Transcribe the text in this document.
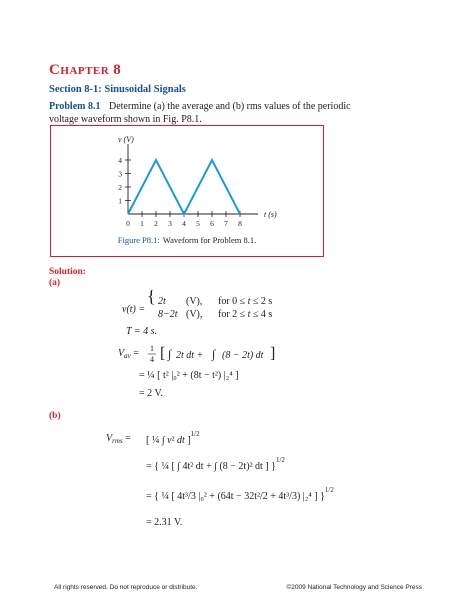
CHAPTER 8
Section 8-1: Sinusoidal Signals
Problem 8.1 Determine (a) the average and (b) rms values of the periodic voltage waveform shown in Fig. P8.1.
1
2
3
4
0 1 2 3 4 5 6 7 8
v (V)
t (s)
Figure P8.1: Waveform for Problem 8.1.
Solution:
(a)
v(t) =
{ 2t (V), for 0 ≤ t ≤ 2 s
8−2t (V), for 2 ≤ t ≤ 4 s
T = 4 s.
$V_{av} = 1$
4 [ ∫ 2t dt + ∫ (8 − 2t) dt ]
= ¼ [ t² |₀² + (8t − t²) |₂⁴ ]
= 2 V.
(b)
$V_{rms}$ = [ ¼ ∫ v² dt ]$^{1/2}$
= { ¼ [ ∫ 4t² dt + ∫ (8 − 2t)² dt ] }$^{1/2}$
= { ¼ [ 4t³/3 |₀² + (64t − 32t²/2 + 4t³/3) |₂⁴ ] }$^{1/2}$
= 2.31 V.
All rights reserved. Do not reproduce or distribute.	©2009 National Technology and Science Press
